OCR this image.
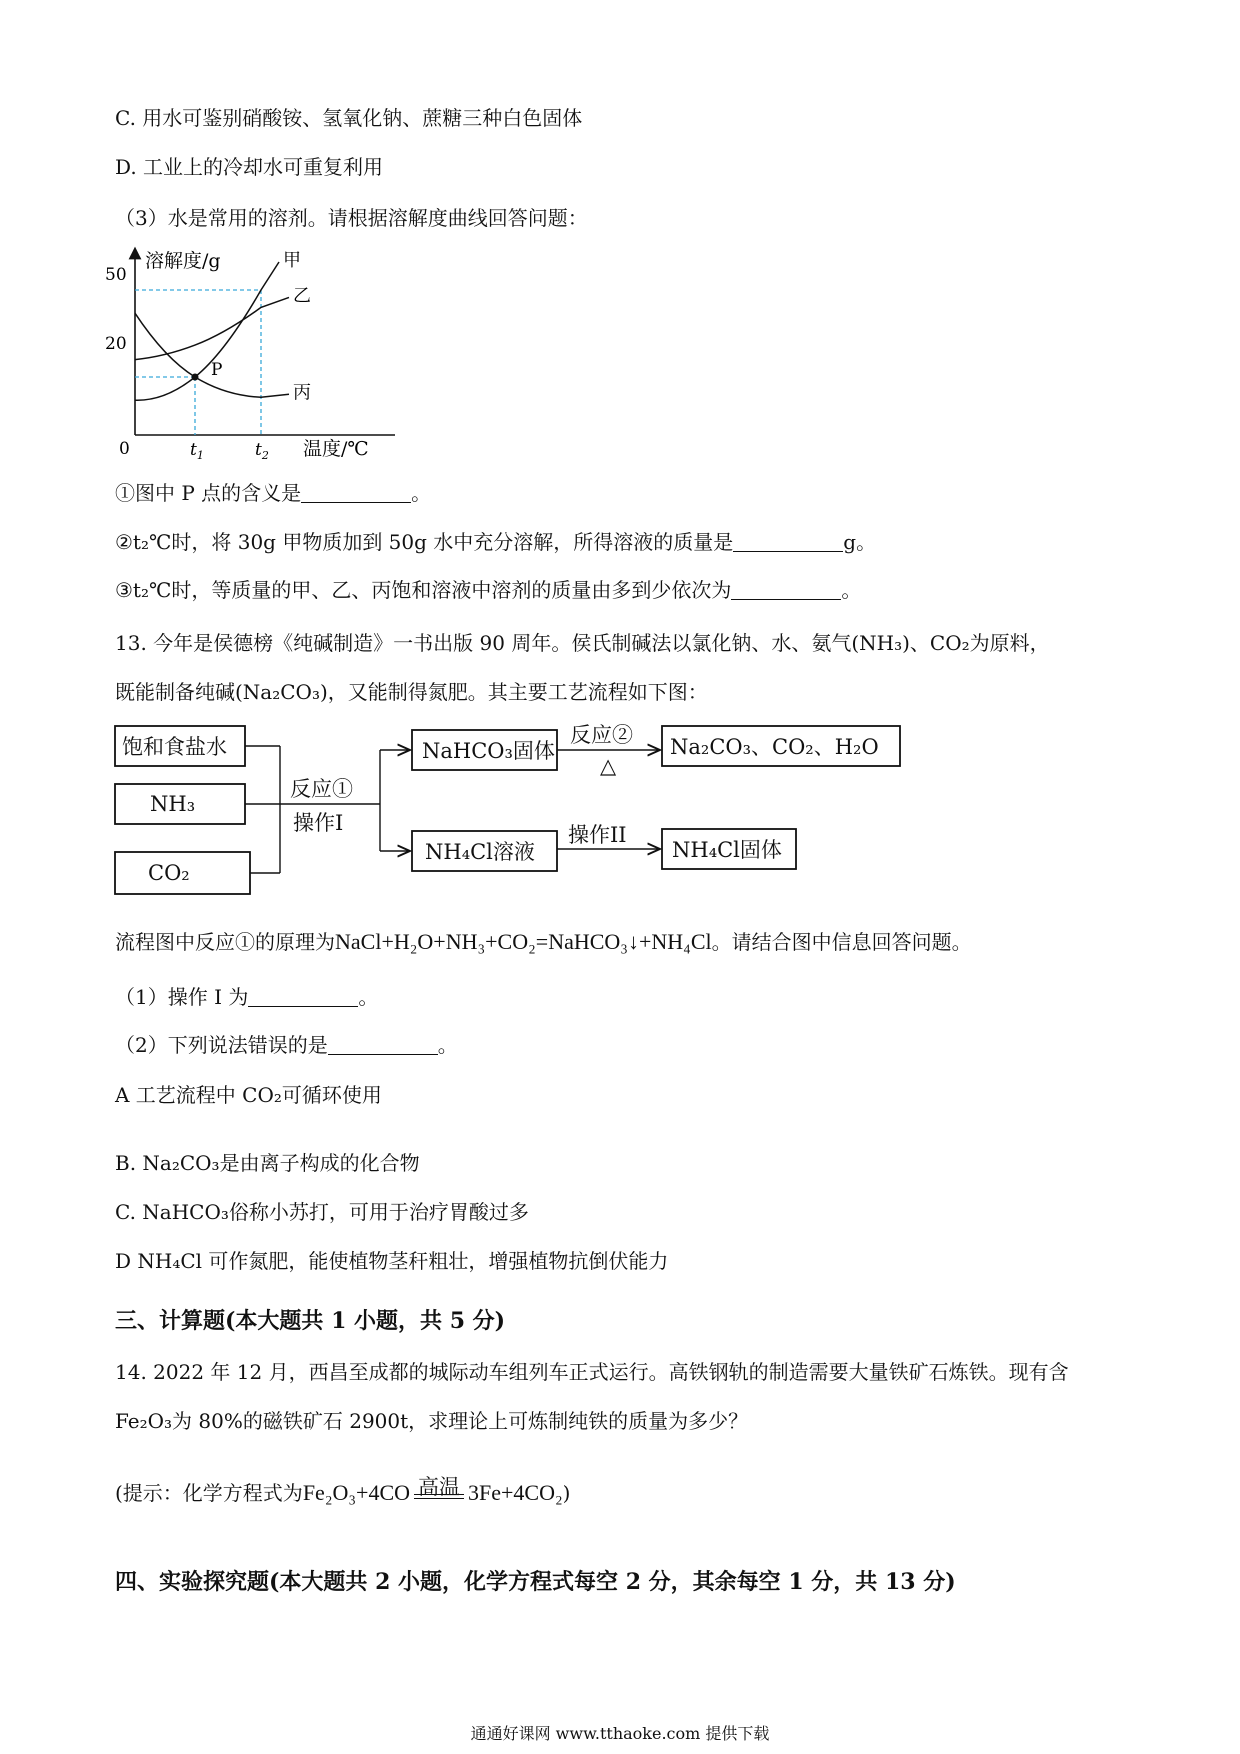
C. 用水可鉴别硝酸铵、氢氧化钠、蔗糖三种白色固体
D. 工业上的冷却水可重复利用
（3）水是常用的溶剂。请根据溶解度曲线回答问题：
P
溶解度/g
温度/℃
0
50
20
$t_1$	$t_2$
甲
乙
丙
①图中 P 点的含义是	。
②t₂℃时，将 30g 甲物质加到 50g 水中充分溶解，所得溶液的质量是	g。
③t₂℃时，等质量的甲、乙、丙饱和溶液中溶剂的质量由多到少依次为	。
13. 今年是侯德榜《纯碱制造》一书出版 90 周年。侯氏制碱法以氯化钠、水、氨气(NH₃)、CO₂为原料，
既能制备纯碱(Na₂CO₃)，又能制得氮肥。其主要工艺流程如下图：
饱和食盐水
NH₃
CO₂
反应①
操作I
NaHCO₃固体
反应②
△
Na₂CO₃、CO₂、H₂O
NH₄Cl溶液
操作II
NH₄Cl固体
流程图中反应①的原理为NaCl+H₂O+NH₃+CO₂=NaHCO₃↓+NH₄Cl。请结合图中信息回答问题。
（1）操作 I 为	。
（2）下列说法错误的是	。
A 工艺流程中 CO₂可循环使用
B. Na₂CO₃是由离子构成的化合物
C. NaHCO₃俗称小苏打，可用于治疗胃酸过多
D NH₄Cl 可作氮肥，能使植物茎秆粗壮，增强植物抗倒伏能力
三、计算题(本大题共 1 小题，共 5 分)
14. 2022 年 12 月，西昌至成都的城际动车组列车正式运行。高铁钢轨的制造需要大量铁矿石炼铁。现有含
Fe₂O₃为 80%的磁铁矿石 2900t，求理论上可炼制纯铁的质量为多少？
(提示：化学方程式为Fe₂O₃+4CO 高温 3Fe+4CO₂)
四、实验探究题(本大题共 2 小题，化学方程式每空 2 分，其余每空 1 分，共 13 分)
通通好课网 www.tthaoke.com 提供下载
